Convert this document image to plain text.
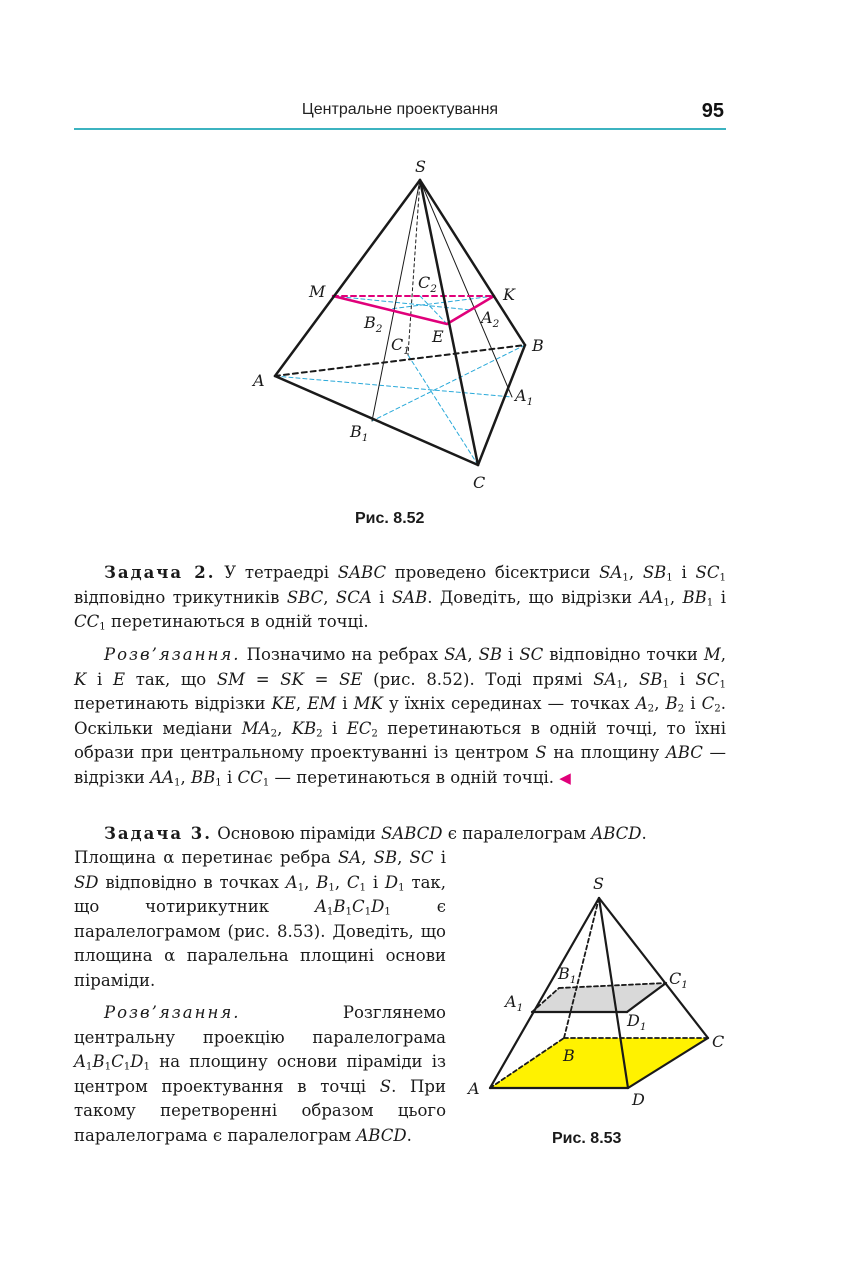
Центральне проектування	95
S
M	K
A
B
C
E
$C_2$
$B_2$
$A_2$
$C_1$
$A_1$
$B_1$
Рис. 8.52

Задача 2. У тетраедрі SABC проведено бісектриси $SA_1$, $SB_1$ і $SC_1$ відповідно трикутників SBC, SCA і SAB. Доведіть, що відрізки $AA_1$, $BB_1$ і $CC_1$ перетинаються в одній точці.

Розв’язання. Позначимо на ребрах SA, SB і SC відповідно точки M, K і E так, що SM = SK = SE (рис. 8.52). Тоді прямі $SA_1$, $SB_1$ і $SC_1$ перетинають відрізки KE, EM і MK у їхніх серединах — точках $A_2$, $B_2$ і $C_2$. Оскільки медіани $MA_2$, $KB_2$ і $EC_2$ перетинаються в одній точці, то їхні образи при центральному проектуванні із центром S на площину ABC — відрізки $AA_1$, $BB_1$ і $CC_1$ — перетинаються в одній точці. ◀

Задача 3. Основою піраміди SABCD є паралелограм ABCD.

Площина α перетинає ребра SA, SB, SC і SD відповідно в точках $A_1$, $B_1$, $C_1$ і $D_1$ так, що чотирикутник $A_1B_1C_1D_1$ є паралелограмом (рис. 8.53). Доведіть, що площина α паралельна площині основи піраміди.

Розв’язання.	Розглянемо центральну проекцію паралелограма $A_1B_1C_1D_1$ на площину основи піраміди із центром проектування в точці S. При такому перетворенні образом цього паралелограма є паралелограм ABCD.

S
A
B
C
D
$A_1$
$B_1$	$C_1$
$D_1$
Рис. 8.53
